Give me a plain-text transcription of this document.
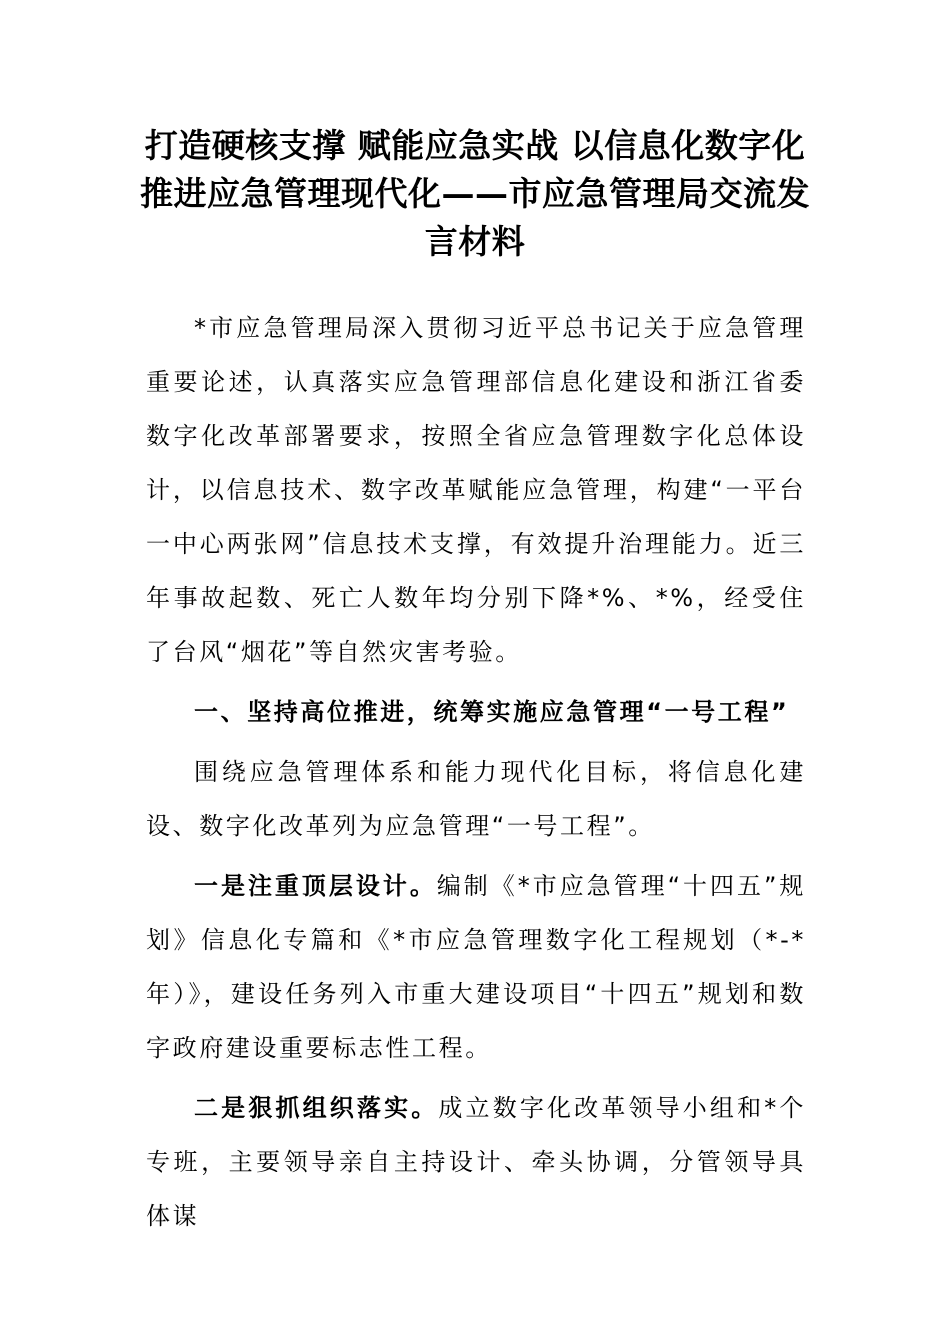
打造硬核支撑 赋能应急实战 以信息化数字化推进应急管理现代化——市应急管理局交流发言材料

*市应急管理局深入贯彻习近平总书记关于应急管理重要论述，认真落实应急管理部信息化建设和浙江省委数字化改革部署要求，按照全省应急管理数字化总体设计，以信息技术、数字改革赋能应急管理，构建“一平台一中心两张网”信息技术支撑，有效提升治理能力。近三年事故起数、死亡人数年均分别下降*%、*%，经受住了台风“烟花”等自然灾害考验。

一、坚持高位推进，统筹实施应急管理“一号工程”

围绕应急管理体系和能力现代化目标，将信息化建设、数字化改革列为应急管理“一号工程”。

一是注重顶层设计。编制《*市应急管理“十四五”规划》信息化专篇和《*市应急管理数字化工程规划（*-*年）》，建设任务列入市重大建设项目“十四五”规划和数字政府建设重要标志性工程。

二是狠抓组织落实。成立数字化改革领导小组和*个专班，主要领导亲自主持设计、牵头协调，分管领导具体谋
